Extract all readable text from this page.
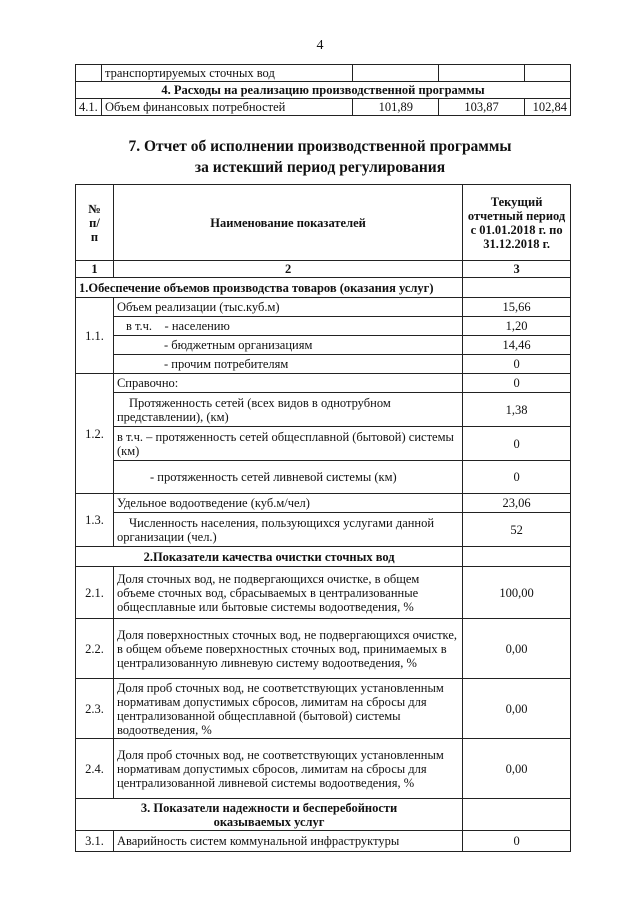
4
	транспортируемых сточных вод			
4. Расходы на реализацию производственной программы				
4.1.	Объем финансовых потребностей	101,89	103,87	102,84
7. Отчет об исполнении производственной программы
за истекший период регулирования
№ п/п	Наименование показателей	Текущий отчетный период с 01.01.2018 г. по 31.12.2018 г.
1	2	3
1.Обеспечение объемов производства товаров (оказания услуг)		
1.1.	Объем реализации (тыс.куб.м)	15,66
	в т.ч.    - населению	1,20
	- бюджетным организациям	14,46
	- прочим потребителям	0
1.2.	Справочно:	0
	Протяженность сетей (всех видов в однотрубном представлении), (км)	1,38
	в т.ч. – протяженность сетей общесплавной (бытовой) системы (км)	0
	- протяженность сетей ливневой системы (км)	0
1.3.	Удельное водоотведение (куб.м/чел)	23,06
	Численность населения, пользующихся услугами данной организации (чел.)	52
2.Показатели качества очистки сточных вод		
2.1.	Доля сточных вод, не подвергающихся очистке, в общем объеме сточных вод, сбрасываемых в централизованные общесплавные или бытовые системы водоотведения, %	100,00
2.2.	Доля поверхностных сточных вод, не подвергающихся очистке, в общем объеме поверхностных сточных вод, принимаемых в централизованную ливневую систему водоотведения, %	0,00
2.3.	Доля проб сточных вод, не соответствующих установленным нормативам допустимых сбросов, лимитам на сбросы для централизованной общесплавной (бытовой) системы водоотведения, %	0,00
2.4.	Доля проб сточных вод, не соответствующих установленным нормативам допустимых сбросов, лимитам на сбросы для централизованной ливневой системы водоотведения, %	0,00
3. Показатели надежности и бесперебойности оказываемых услуг		
3.1.	Аварийность систем коммунальной инфраструктуры	0
